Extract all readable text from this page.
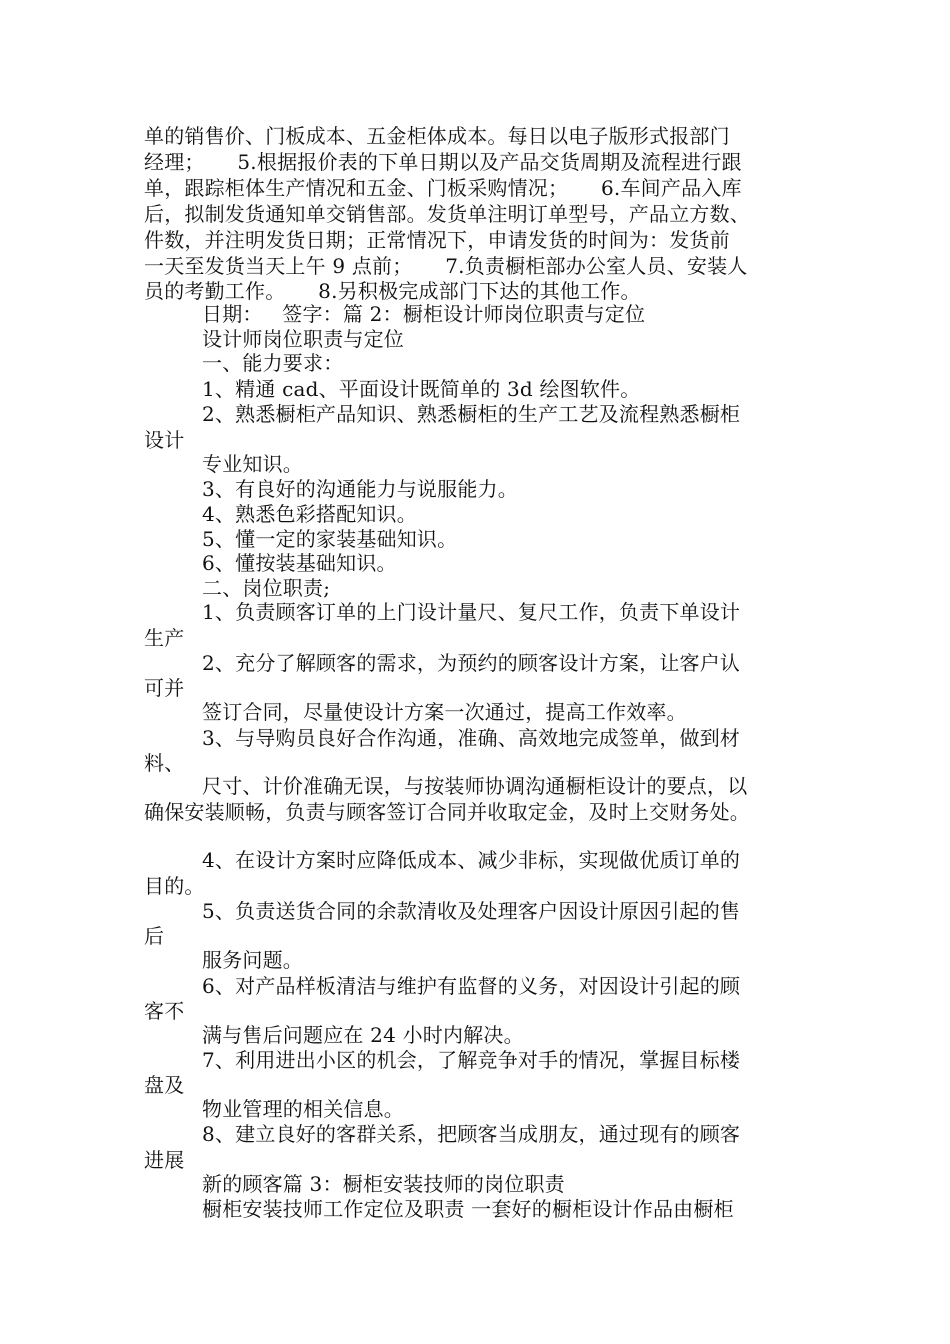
单的销售价、门板成本、五金柜体成本。每日以电子版形式报部门
经理；     5.根据报价表的下单日期以及产品交货周期及流程进行跟
单，跟踪柜体生产情况和五金、门板采购情况；     6.车间产品入库
后，拟制发货通知单交销售部。发货单注明订单型号，产品立方数、
件数，并注明发货日期；正常情况下，申请发货的时间为：发货前
一天至发货当天上午 9 点前；     7.负责橱柜部办公室人员、安装人
员的考勤工作。     8.另积极完成部门下达的其他工作。
日期：   签字：篇 2：橱柜设计师岗位职责与定位
设计师岗位职责与定位
一、能力要求：
1、精通 cad、平面设计既简单的 3d 绘图软件。
2、熟悉橱柜产品知识、熟悉橱柜的生产工艺及流程熟悉橱柜
设计
专业知识。
3、有良好的沟通能力与说服能力。
4、熟悉色彩搭配知识。
5、懂一定的家装基础知识。
6、懂按装基础知识。
二、岗位职责;
1、负责顾客订单的上门设计量尺、复尺工作，负责下单设计
生产
2、充分了解顾客的需求，为预约的顾客设计方案，让客户认
可并
签订合同，尽量使设计方案一次通过，提高工作效率。
3、与导购员良好合作沟通，准确、高效地完成签单，做到材
料、
尺寸、计价准确无误，与按装师协调沟通橱柜设计的要点，以
确保安装顺畅，负责与顾客签订合同并收取定金，及时上交财务处。
4、在设计方案时应降低成本、减少非标，实现做优质订单的
目的。
5、负责送货合同的余款清收及处理客户因设计原因引起的售
后
服务问题。
6、对产品样板清洁与维护有监督的义务，对因设计引起的顾
客不
满与售后问题应在 24 小时内解决。
7、利用进出小区的机会，了解竞争对手的情况，掌握目标楼
盘及
物业管理的相关信息。
8、建立良好的客群关系，把顾客当成朋友，通过现有的顾客
进展
新的顾客篇 3：橱柜安装技师的岗位职责
橱柜安装技师工作定位及职责 一套好的橱柜设计作品由橱柜
